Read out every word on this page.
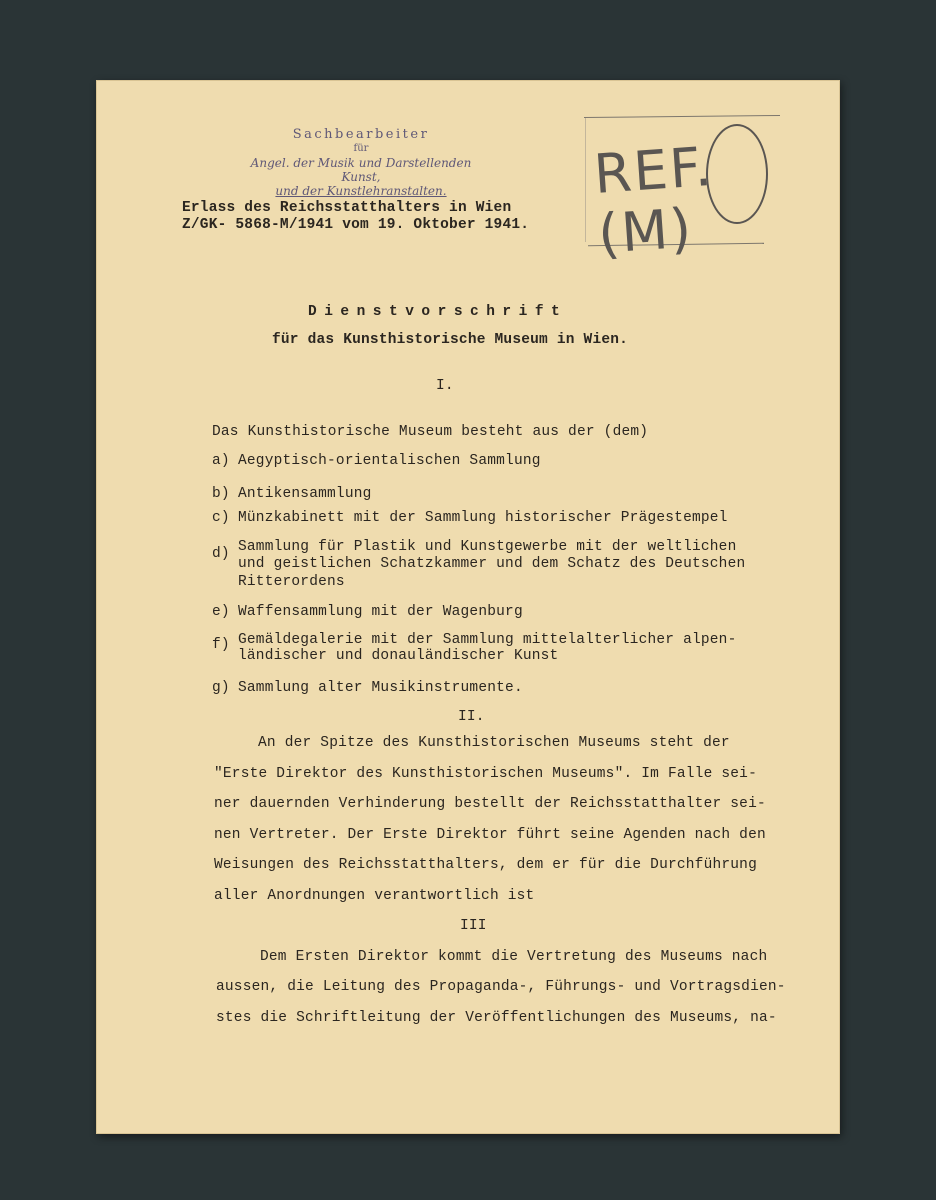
Sachbearbeiter
für
Angel. der Musik und Darstellenden Kunst,
und der Kunstlehranstalten.	REF.(M)
Erlass des Reichsstatthalters in Wien
Z/GK- 5868-M/1941 vom 19. Oktober 1941.
Dienstvorschrift
für das Kunsthistorische Museum in Wien.
I.
Das Kunsthistorische Museum besteht aus der (dem)
a) Aegyptisch-orientalischen Sammlung
b) Antikensammlung
c) Münzkabinett mit der Sammlung historischer Prägestempel
d) Sammlung für Plastik und Kunstgewerbe mit der weltlichen
und geistlichen Schatzkammer und dem Schatz des Deutschen
Ritterordens
e) Waffensammlung mit der Wagenburg
f) Gemäldegalerie mit der Sammlung mittelalterlicher alpen-
ländischer und donauländischer Kunst
g) Sammlung alter Musikinstrumente.
II.
An der Spitze des Kunsthistorischen Museums steht der
"Erste Direktor des Kunsthistorischen Museums". Im Falle sei-
ner dauernden Verhinderung bestellt der Reichsstatthalter sei-
nen Vertreter. Der Erste Direktor führt seine Agenden nach den
Weisungen des Reichsstatthalters, dem er für die Durchführung
aller Anordnungen verantwortlich ist
III
Dem Ersten Direktor kommt die Vertretung des Museums nach
aussen, die Leitung des Propaganda-, Führungs- und Vortragsdien-
stes die Schriftleitung der Veröffentlichungen des Museums, na-
